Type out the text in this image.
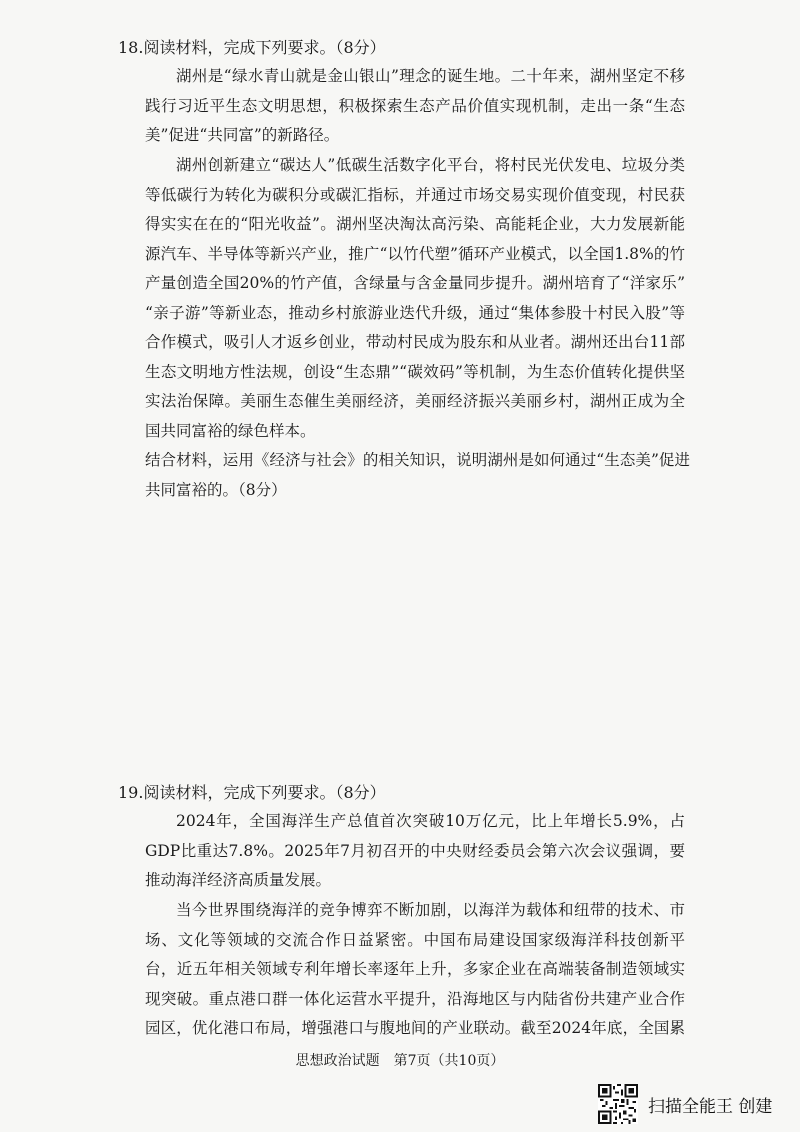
18.阅读材料，完成下列要求。（8分）
湖州是“绿水青山就是金山银山”理念的诞生地。二十年来，湖州坚定不移
践行习近平生态文明思想，积极探索生态产品价值实现机制，走出一条“生态
美”促进“共同富”的新路径。
湖州创新建立“碳达人”低碳生活数字化平台，将村民光伏发电、垃圾分类
等低碳行为转化为碳积分或碳汇指标，并通过市场交易实现价值变现，村民获
得实实在在的“阳光收益”。湖州坚决淘汰高污染、高能耗企业，大力发展新能
源汽车、半导体等新兴产业，推广“以竹代塑”循环产业模式，以全国1.8%的竹
产量创造全国20%的竹产值，含绿量与含金量同步提升。湖州培育了“洋家乐”
“亲子游”等新业态，推动乡村旅游业迭代升级，通过“集体参股十村民入股”等
合作模式，吸引人才返乡创业，带动村民成为股东和从业者。湖州还出台11部
生态文明地方性法规，创设“生态鼎”“碳效码”等机制，为生态价值转化提供坚
实法治保障。美丽生态催生美丽经济，美丽经济振兴美丽乡村，湖州正成为全
国共同富裕的绿色样本。
结合材料，运用《经济与社会》的相关知识，说明湖州是如何通过“生态美”促进
共同富裕的。（8分）
19.阅读材料，完成下列要求。（8分）
2024年，全国海洋生产总值首次突破10万亿元，比上年增长5.9%，占
GDP比重达7.8%。2025年7月初召开的中央财经委员会第六次会议强调，要
推动海洋经济高质量发展。
当今世界围绕海洋的竞争博弈不断加剧，以海洋为载体和纽带的技术、市
场、文化等领域的交流合作日益紧密。中国布局建设国家级海洋科技创新平
台，近五年相关领域专利年增长率逐年上升，多家企业在高端装备制造领域实
现突破。重点港口群一体化运营水平提升，沿海地区与内陆省份共建产业合作
园区，优化港口布局，增强港口与腹地间的产业联动。截至2024年底，全国累
思想政治试题　第7页（共10页）
扫描全能王 创建
